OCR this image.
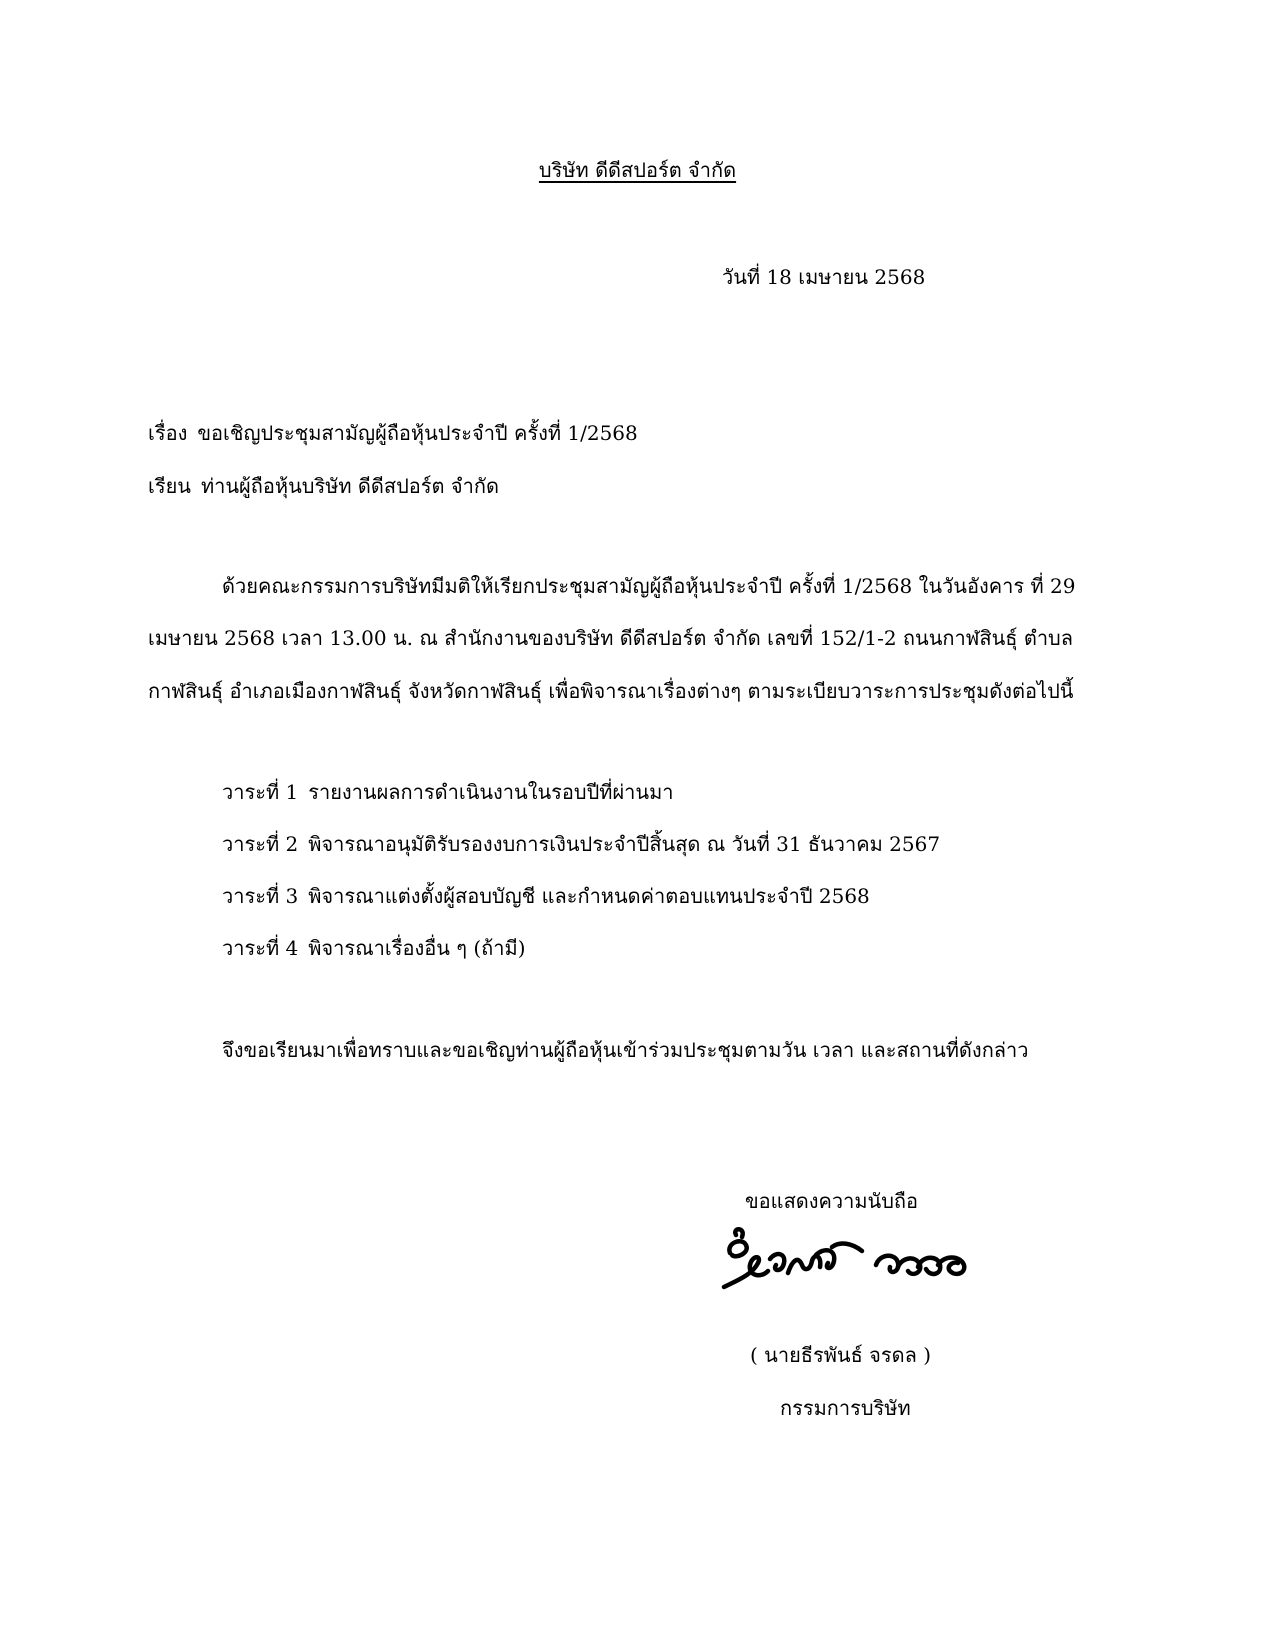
บริษัท ดีดีสปอร์ต จำกัด
วันที่ 18 เมษายน 2568
เรื่อง ขอเชิญประชุมสามัญผู้ถือหุ้นประจำปี ครั้งที่ 1/2568
เรียน ท่านผู้ถือหุ้นบริษัท ดีดีสปอร์ต จำกัด
ด้วยคณะกรรมการบริษัทมีมติให้เรียกประชุมสามัญผู้ถือหุ้นประจำปี ครั้งที่ 1/2568 ในวันอังคาร ที่ 29
เมษายน 2568 เวลา 13.00 น. ณ สำนักงานของบริษัท ดีดีสปอร์ต จำกัด เลขที่ 152/1-2 ถนนกาฬสินธุ์ ตำบล
กาฬสินธุ์ อำเภอเมืองกาฬสินธุ์ จังหวัดกาฬสินธุ์ เพื่อพิจารณาเรื่องต่างๆ ตามระเบียบวาระการประชุมดังต่อไปนี้
วาระที่ 1 รายงานผลการดำเนินงานในรอบปีที่ผ่านมา
วาระที่ 2 พิจารณาอนุมัติรับรองงบการเงินประจำปีสิ้นสุด ณ วันที่ 31 ธันวาคม 2567
วาระที่ 3 พิจารณาแต่งตั้งผู้สอบบัญชี และกำหนดค่าตอบแทนประจำปี 2568
วาระที่ 4 พิจารณาเรื่องอื่น ๆ (ถ้ามี)
จึงขอเรียนมาเพื่อทราบและขอเชิญท่านผู้ถือหุ้นเข้าร่วมประชุมตามวัน เวลา และสถานที่ดังกล่าว
ขอแสดงความนับถือ
( นายธีรพันธ์ จรดล )
กรรมการบริษัท
